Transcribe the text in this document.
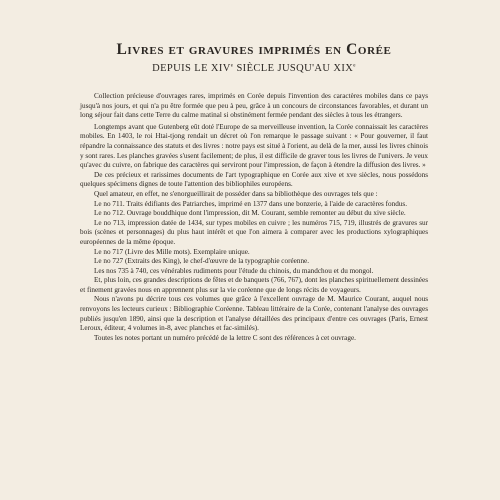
Livres et gravures imprimés en Corée
DEPUIS LE XIVe SIÈCLE JUSQU'AU XIXe

Collection précieuse d'ouvrages rares, imprimés en Corée depuis l'invention des caractères mobiles dans ce pays jusqu'à nos jours, et qui n'a pu être formée que peu à peu, grâce à un concours de circonstances favorables, et durant un long séjour fait dans cette Terre du calme matinal si obstinément fermée pendant des siècles à tous les étrangers.

Longtemps avant que Gutenberg eût doté l'Europe de sa merveilleuse invention, la Corée connaissait les caractères mobiles. En 1403, le roi Htai-tjong rendait un décret où l'on remarque le passage suivant : « Pour gouverner, il faut répandre la connaissance des statuts et des livres : notre pays est situé à l'orient, au delà de la mer, aussi les livres chinois y sont rares. Les planches gravées s'usent facilement; de plus, il est difficile de graver tous les livres de l'univers. Je veux qu'avec du cuivre, on fabrique des caractères qui serviront pour l'impression, de façon à étendre la diffusion des livres. »

De ces précieux et rarissimes documents de l'art typographique en Corée aux xive et xve siècles, nous possédons quelques spécimens dignes de toute l'attention des bibliophiles européens.

Quel amateur, en effet, ne s'enorgueillirait de posséder dans sa bibliothèque des ouvrages tels que :

Le no 711. Traits édifiants des Patriarches, imprimé en 1377 dans une bonzerie, à l'aide de caractères fondus.

Le no 712. Ouvrage bouddhique dont l'impression, dit M. Courant, semble remonter au début du xive siècle.

Le no 713, impression datée de 1434, sur types mobiles en cuivre ; les numéros 715, 719, illustrés de gravures sur bois (scènes et personnages) du plus haut intérêt et que l'on aimera à comparer avec les productions xylographiques européennes de la même époque.

Le no 717 (Livre des Mille mots). Exemplaire unique.

Le no 727 (Extraits des King), le chef-d'œuvre de la typographie coréenne.

Les nos 735 à 740, ces vénérables rudiments pour l'étude du chinois, du mandchou et du mongol.

Et, plus loin, ces grandes descriptions de fêtes et de banquets (766, 767), dont les planches spirituellement dessinées et finement gravées nous en apprennent plus sur la vie coréenne que de longs récits de voyageurs.

Nous n'avons pu décrire tous ces volumes que grâce à l'excellent ouvrage de M. Maurice Courant, auquel nous renvoyons les lecteurs curieux : Bibliographie Coréenne. Tableau littéraire de la Corée, contenant l'analyse des ouvrages publiés jusqu'en 1890, ainsi que la description et l'analyse détaillées des principaux d'entre ces ouvrages (Paris, Ernest Leroux, éditeur, 4 volumes in-8, avec planches et fac-similés).

Toutes les notes portant un numéro précédé de la lettre C sont des références à cet ouvrage.
